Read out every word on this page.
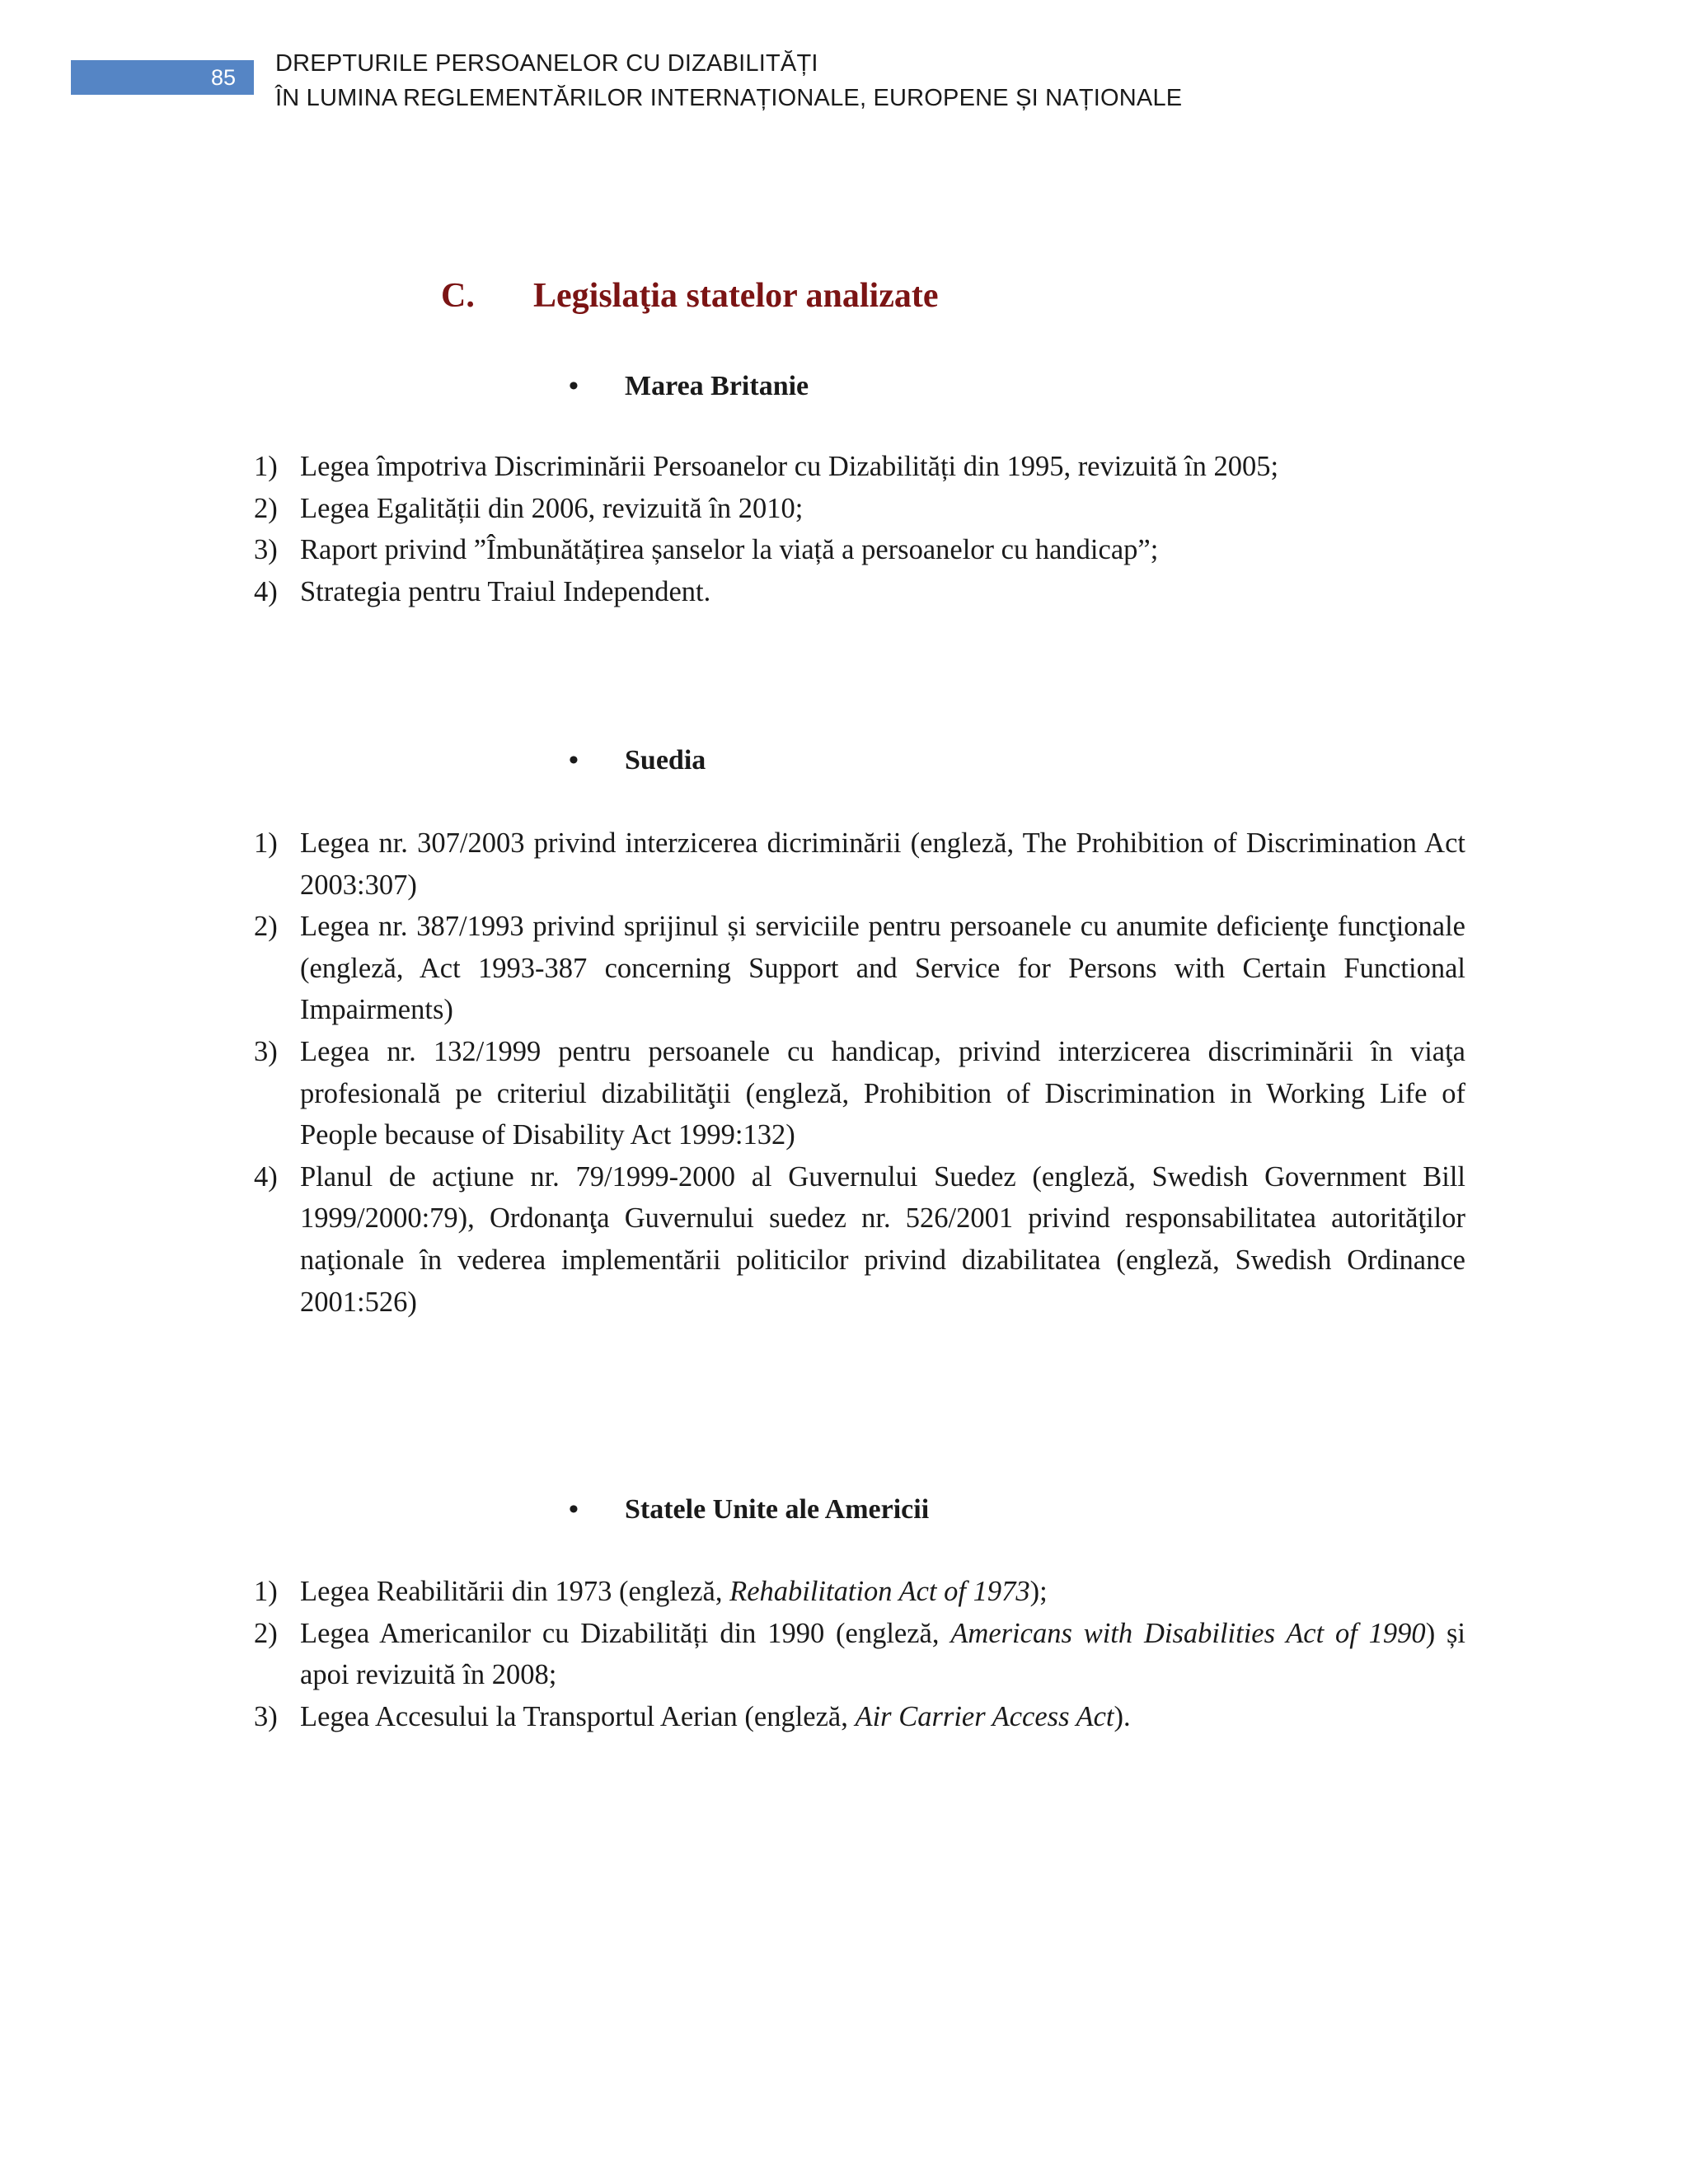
85
DREPTURILE PERSOANELOR CU DIZABILITĂȚI
ÎN LUMINA REGLEMENTĂRILOR INTERNAȚIONALE, EUROPENE ȘI NAȚIONALE
C. Legislaţia statelor analizate
• Marea Britanie
1) Legea împotriva Discriminării Persoanelor cu Dizabilități din 1995, revizuită în 2005;
2) Legea Egalității din 2006, revizuită în 2010;
3) Raport privind ”Îmbunătățirea șanselor la viață a persoanelor cu handicap”;
4) Strategia pentru Traiul Independent.
• Suedia
1) Legea nr. 307/2003 privind interzicerea dicriminării (engleză, The Prohibition of Discrimination Act 2003:307)
2) Legea nr. 387/1993 privind sprijinul și serviciile pentru persoanele cu anumite deficienţe funcţionale (engleză, Act 1993-387 concerning Support and Service for Persons with Certain Functional Impairments)
3) Legea nr. 132/1999 pentru persoanele cu handicap, privind interzicerea discriminării în viaţa profesională pe criteriul dizabilităţii (engleză, Prohibition of Discrimination in Working Life of People because of Disability Act 1999:132)
4) Planul de acţiune nr. 79/1999-2000 al Guvernului Suedez (engleză, Swedish Government Bill 1999/2000:79), Ordonanţa Guvernului suedez nr. 526/2001 privind responsabilitatea autorităţilor naţionale în vederea implementării politicilor privind dizabilitatea (engleză, Swedish Ordinance 2001:526)
• Statele Unite ale Americii
1) Legea Reabilitării din 1973 (engleză, Rehabilitation Act of 1973);
2) Legea Americanilor cu Dizabilități din 1990 (engleză, Americans with Disabilities Act of 1990) și apoi revizuită în 2008;
3) Legea Accesului la Transportul Aerian (engleză, Air Carrier Access Act).
